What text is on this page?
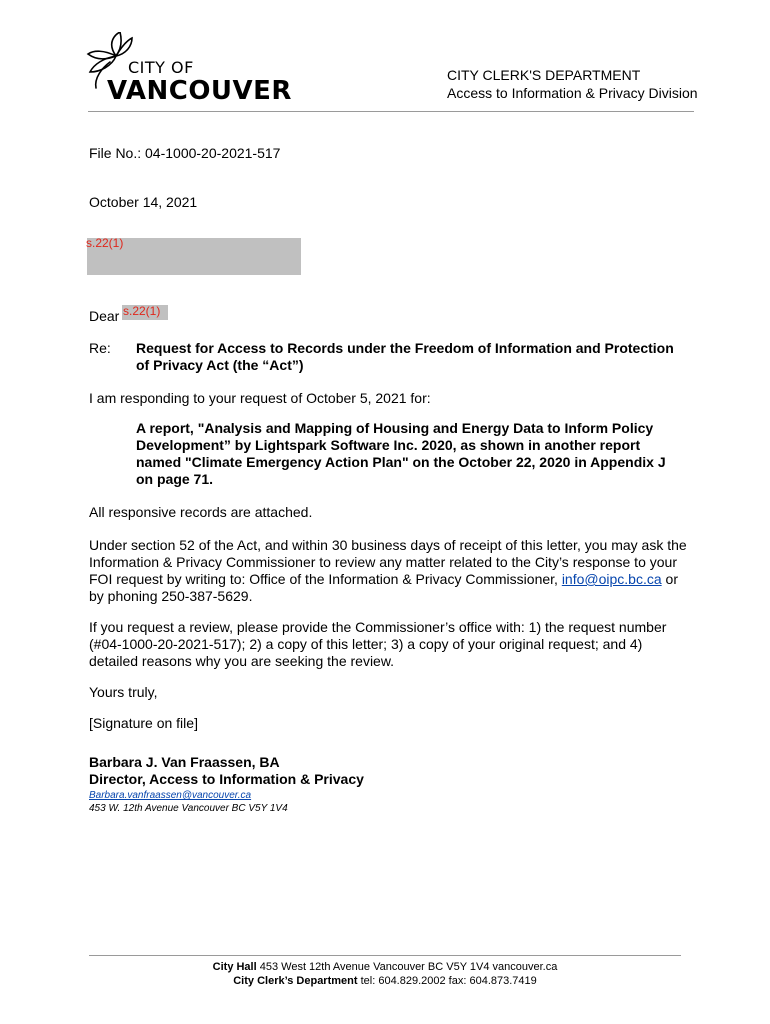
CITY OF
VANCOUVER
CITY CLERK'S DEPARTMENT
Access to Information & Privacy Division
File No.: 04-1000-20-2021-517
October 14, 2021
s.22(1)
Dear s.22(1)
Re: Request for Access to Records under the Freedom of Information and Protection of Privacy Act (the “Act”)
I am responding to your request of October 5, 2021 for:
A report, "Analysis and Mapping of Housing and Energy Data to Inform Policy Development” by Lightspark Software Inc. 2020, as shown in another report named "Climate Emergency Action Plan" on the October 22, 2020 in Appendix J on page 71.
All responsive records are attached.
Under section 52 of the Act, and within 30 business days of receipt of this letter, you may ask the Information & Privacy Commissioner to review any matter related to the City’s response to your FOI request by writing to: Office of the Information & Privacy Commissioner, info@oipc.bc.ca or by phoning 250-387-5629.
If you request a review, please provide the Commissioner’s office with: 1) the request number (#04-1000-20-2021-517); 2) a copy of this letter; 3) a copy of your original request; and 4) detailed reasons why you are seeking the review.
Yours truly,
[Signature on file]
Barbara J. Van Fraassen, BA
Director, Access to Information & Privacy
Barbara.vanfraassen@vancouver.ca
453 W. 12th Avenue Vancouver BC V5Y 1V4
City Hall 453 West 12th Avenue Vancouver BC V5Y 1V4 vancouver.ca
City Clerk’s Department tel: 604.829.2002 fax: 604.873.7419
